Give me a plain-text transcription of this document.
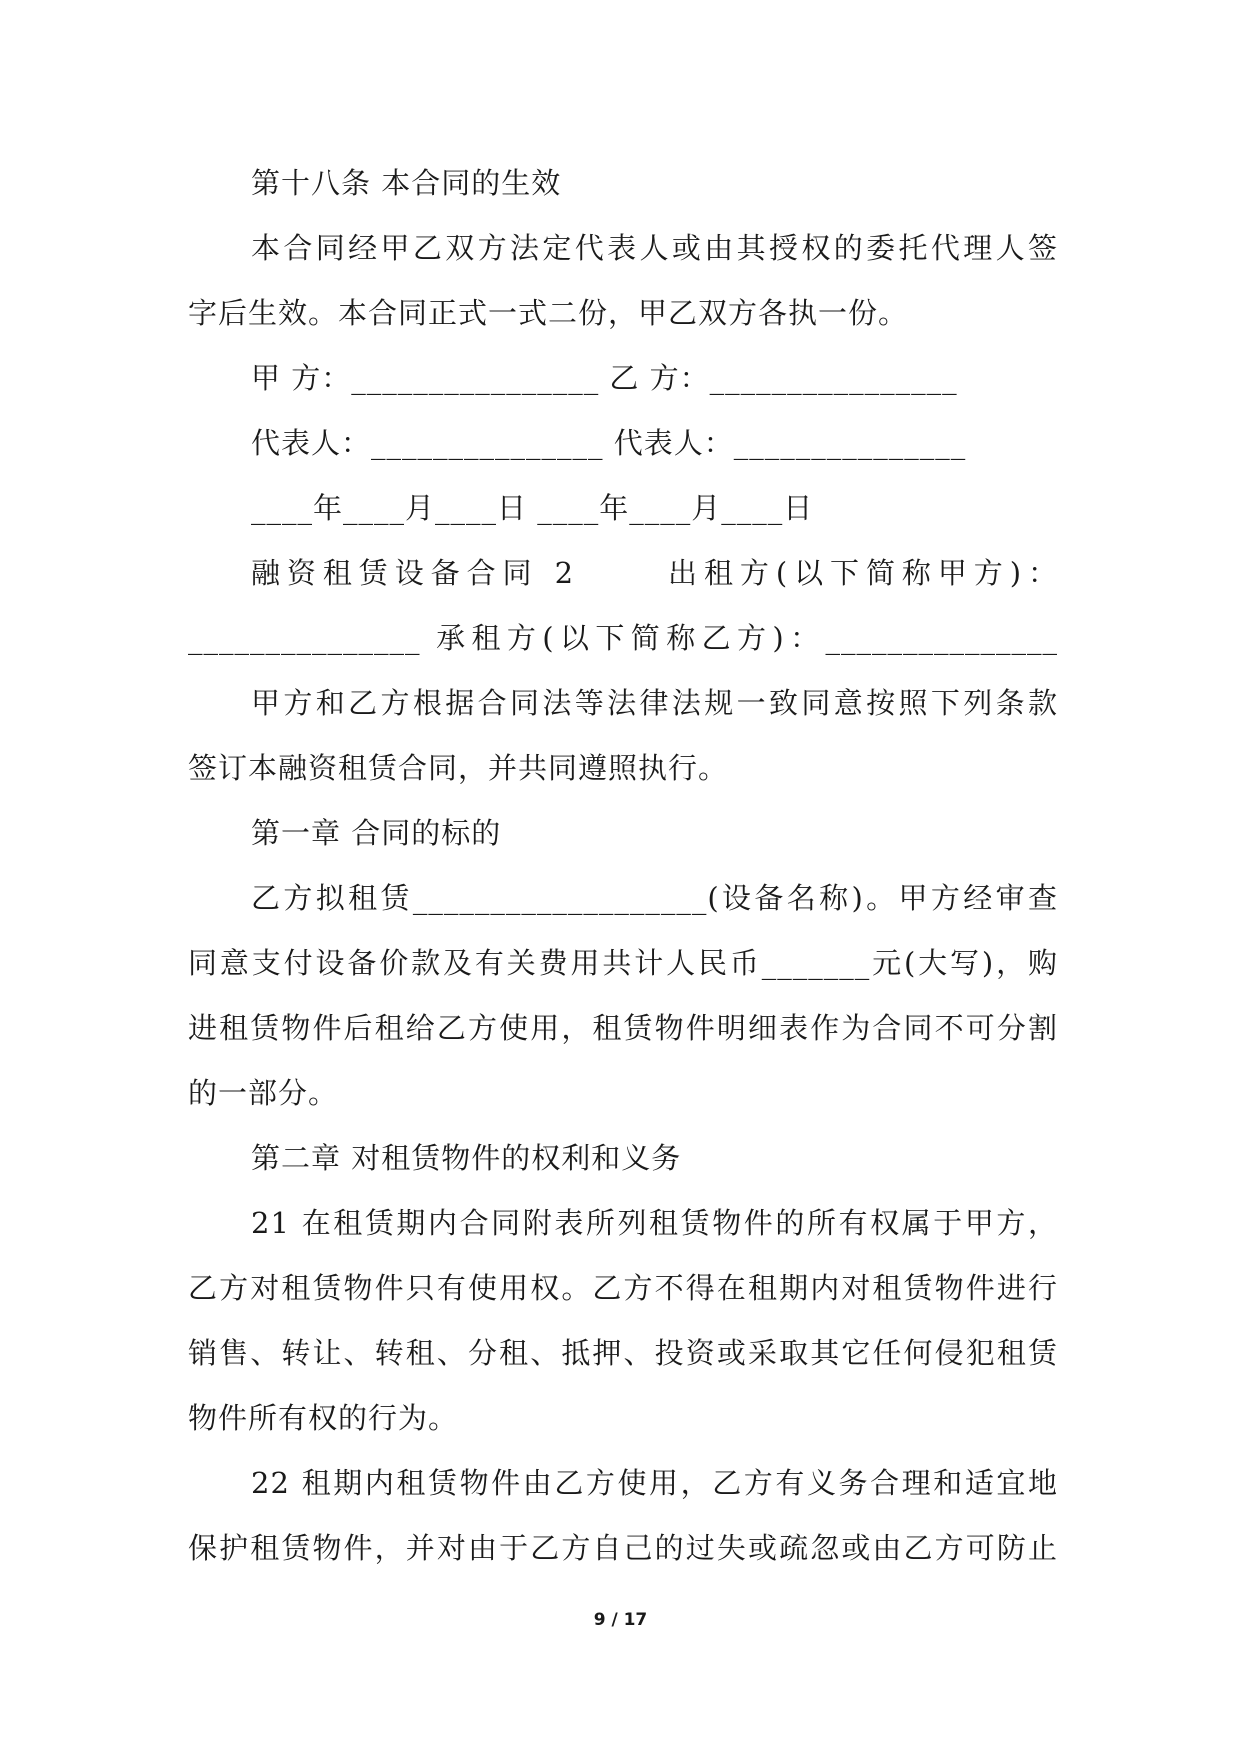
第十八条 本合同的生效
本合同经甲乙双方法定代表人或由其授权的委托代理人签
字后生效。本合同正式一式二份，甲乙双方各执一份。
甲 方：________________ 乙 方：________________
代表人：_______________ 代表人：_______________
____年____月____日 ____年____月____日
融资租赁设备合同 2　　 出租方(以下简称甲方)：
_______________ 承租方(以下简称乙方)：_______________
甲方和乙方根据合同法等法律法规一致同意按照下列条款
签订本融资租赁合同，并共同遵照执行。
第一章 合同的标的
乙方拟租赁___________________(设备名称)。甲方经审查
同意支付设备价款及有关费用共计人民币_______元(大写)，购
进租赁物件后租给乙方使用，租赁物件明细表作为合同不可分割
的一部分。
第二章 对租赁物件的权利和义务
21 在租赁期内合同附表所列租赁物件的所有权属于甲方，
乙方对租赁物件只有使用权。乙方不得在租期内对租赁物件进行
销售、转让、转租、分租、抵押、投资或采取其它任何侵犯租赁
物件所有权的行为。
22 租期内租赁物件由乙方使用，乙方有义务合理和适宜地
保护租赁物件，并对由于乙方自己的过失或疏忽或由乙方可防止
9 / 17
